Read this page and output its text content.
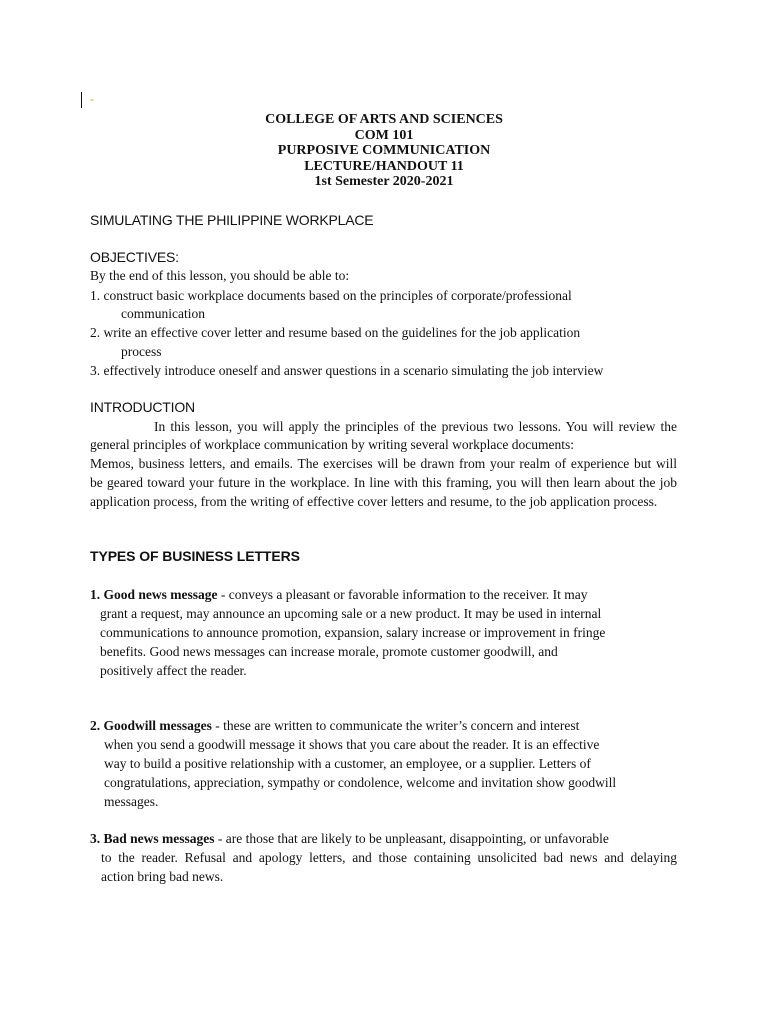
-
COLLEGE OF ARTS AND SCIENCES
COM 101
PURPOSIVE COMMUNICATION
LECTURE/HANDOUT 11
1st Semester 2020-2021
SIMULATING THE PHILIPPINE WORKPLACE
OBJECTIVES:
By the end of this lesson, you should be able to:
1. construct basic workplace documents based on the principles of corporate/professional
communication
2. write an effective cover letter and resume based on the guidelines for the job application
process
3. effectively introduce oneself and answer questions in a scenario simulating the job interview
INTRODUCTION
In this lesson, you will apply the principles of the previous two lessons. You will review the
general principles of workplace communication by writing several workplace documents:
Memos, business letters, and emails. The exercises will be drawn from your realm of experience but will
be geared toward your future in the workplace. In line with this framing, you will then learn about the job
application process, from the writing of effective cover letters and resume, to the job application process.
TYPES OF BUSINESS LETTERS
1. Good news message - conveys a pleasant or favorable information to the receiver. It may
grant a request, may announce an upcoming sale or a new product. It may be used in internal
communications to announce promotion, expansion, salary increase or improvement in fringe
benefits. Good news messages can increase morale, promote customer goodwill, and
positively affect the reader.
2. Goodwill messages - these are written to communicate the writer’s concern and interest
when you send a goodwill message it shows that you care about the reader. It is an effective
way to build a positive relationship with a customer, an employee, or a supplier. Letters of
congratulations, appreciation, sympathy or condolence, welcome and invitation show goodwill
messages.
3. Bad news messages - are those that are likely to be unpleasant, disappointing, or unfavorable
to the reader. Refusal and apology letters, and those containing unsolicited bad news and delaying
action bring bad news.
